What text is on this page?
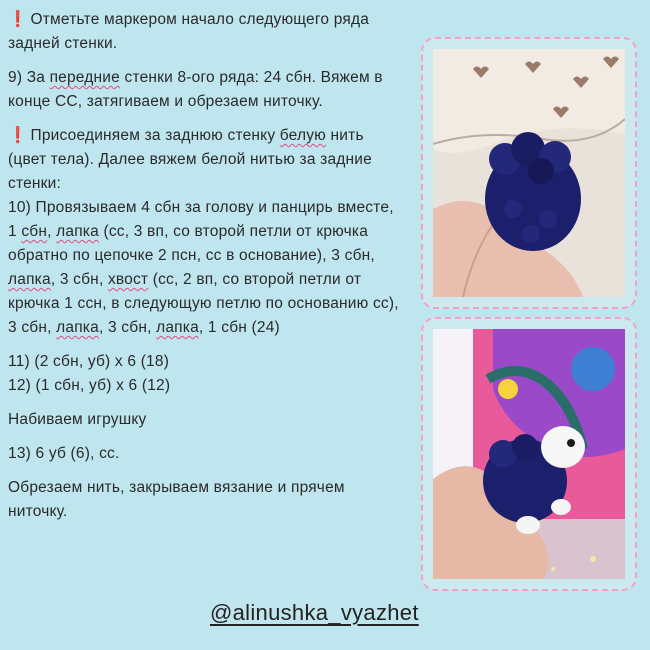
❗ Отметьте маркером начало следующего ряда задней стенки.

9) За передние стенки 8-ого ряда: 24 сбн. Вяжем в конце СС, затягиваем и обрезаем ниточку.

❗ Присоединяем за заднюю стенку белую нить (цвет тела). Далее вяжем белой нитью за задние стенки:

10) Провязываем 4 сбн за голову и панцирь вместе, 1 сбн, лапка (сс, 3 вп, со второй петли от крючка обратно по цепочке 2 псн, сс в основание), 3 сбн, лапка, 3 сбн, хвост (сс, 2 вп, со второй петли от крючка 1 ссн, в следующую петлю по основанию сс), 3 сбн, лапка, 3 сбн, лапка, 1 сбн (24)

11) (2 сбн, уб) х 6 (18)

12) (1 сбн, уб) х 6 (12)

Набиваем игрушку

13) 6 уб (6), сс.

Обрезаем нить, закрываем вязание и прячем ниточку.

@alinushka_vyazhet
